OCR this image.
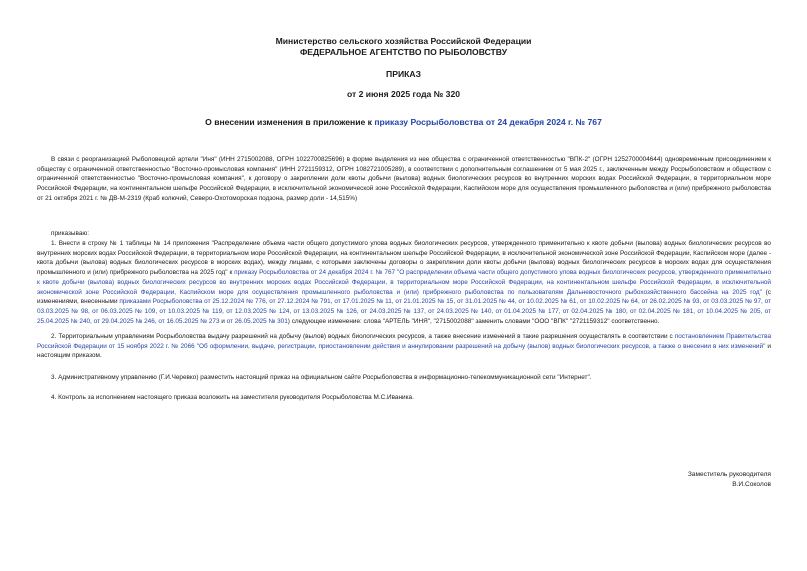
Министерство сельского хозяйства Российской Федерации
ФЕДЕРАЛЬНОЕ АГЕНТСТВО ПО РЫБОЛОВСТВУ
ПРИКАЗ
от 2 июня 2025 года № 320
О внесении изменения в приложение к приказу Росрыболовства от 24 декабря 2024 г. № 767
В связи с реорганизацией Рыболовецкой артели "Иня" (ИНН 2715002088, ОГРН 1022700825696) в форме выделения из нее общества с ограниченной ответственностью "ВПК-2" (ОГРН 1252700004644) одновременным присоединением к обществу с ограниченной ответственностью "Восточно-промысловая компания" (ИНН 2721159312, ОГРН 1082721005289), в соответствии с дополнительным соглашением от 5 мая 2025 г., заключенным между Росрыболовством и обществом с ограниченной ответственностью "Восточно-промысловая компания", к договору о закреплении доли квоты добычи (вылова) водных биологических ресурсов во внутренних морских водах Российской Федерации, в территориальном море Российской Федерации, на континентальном шельфе Российской Федерации, в исключительной экономической зоне Российской Федерации, Каспийском море для осуществления промышленного рыболовства и (или) прибрежного рыболовства от 21 октября 2021 г. № ДВ-М-2319 (Краб колючий, Северо-Охотоморская подзона, размер доли - 14,515%)
приказываю:
1. Внести в строку № 1 таблицы № 14 приложения "Распределение объема части общего допустимого улова водных биологических ресурсов, утвержденного применительно к квоте добычи (вылова) водных биологических ресурсов во внутренних морских водах Российской Федерации, в территориальном море Российской Федерации, на континентальном шельфе Российской Федерации, в исключительной экономической зоне Российской Федерации, Каспийском море (далее - квота добычи (вылова) водных биологических ресурсов в морских водах), между лицами, с которыми заключены договоры о закреплении доли квоты добычи (вылова) водных биологических ресурсов в морских водах для осуществления промышленного и (или) прибрежного рыболовства на 2025 год" к приказу Росрыболовства от 24 декабря 2024 г. № 767 "О распределении объема части общего допустимого улова водных биологических ресурсов, утвержденного применительно к квоте добычи (вылова) водных биологических ресурсов во внутренних морских водах Российской Федерации, в территориальном море Российской Федерации, на континентальном шельфе Российской Федерации, в исключительной экономической зоне Российской Федерации, Каспийском море для осуществления промышленного рыболовства и (или) прибрежного рыболовства по пользователям Дальневосточного рыбохозяйственного бассейна на 2025 год" (с изменениями, внесенными приказами Росрыболовства от 25.12.2024 № 776, от 27.12.2024 № 791, от 17.01.2025 № 11, от 21.01.2025 № 15, от 31.01.2025 № 44, от 10.02.2025 № 61, от 10.02.2025 № 64, от 26.02.2025 № 93, от 03.03.2025 № 97, от 03.03.2025 № 98, от 06.03.2025 № 109, от 10.03.2025 № 119, от 12.03.2025 № 124, от 13.03.2025 № 126, от 24.03.2025 № 137, от 24.03.2025 № 140, от 01.04.2025 № 177, от 02.04.2025 № 180, от 02.04.2025 № 181, от 10.04.2025 № 205, от 25.04.2025 № 240, от 29.04.2025 № 246, от 16.05.2025 № 273 и от 26.05.2025 № 301) следующее изменение: слова "АРТЕЛЬ "ИНЯ", "2715002088" заменить словами "ООО "ВПК" "2721159312" соответственно.
2. Территориальным управлениям Росрыболовства выдачу разрешений на добычу (вылов) водных биологических ресурсов, а также внесение изменений в такие разрешения осуществлять в соответствии с постановлением Правительства Российской Федерации от 15 ноября 2022 г. № 2066 "Об оформлении, выдаче, регистрации, приостановлении действия и аннулировании разрешений на добычу (вылов) водных биологических ресурсов, а также о внесении в них изменений" и настоящим приказом.
3. Административному управлению (Г.И.Черевко) разместить настоящий приказ на официальном сайте Росрыболовства в информационно-телекоммуникационной сети "Интернет".
4. Контроль за исполнением настоящего приказа возложить на заместителя руководителя Росрыболовства М.С.Иваника.
Заместитель руководителя
В.И.Соколов
